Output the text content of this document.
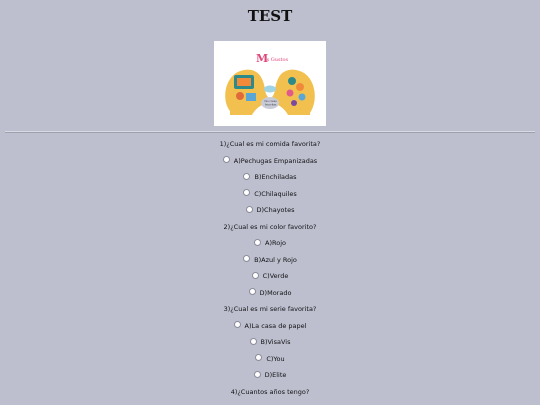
TEST
M
is Gustos
mis cosas
favoritas
1)¿Cual es mi comida favorita?
A)Pechugas Empanizadas
B)Enchiladas
C)Chilaquiles
D)Chayotes
2)¿Cual es mi color favorito?
A)Rojo
B)Azul y Rojo
C)Verde
D)Morado
3)¿Cual es mi serie favorita?
A)La casa de papel
B)VisaVis
C)You
D)Elite
4)¿Cuantos años tengo?
